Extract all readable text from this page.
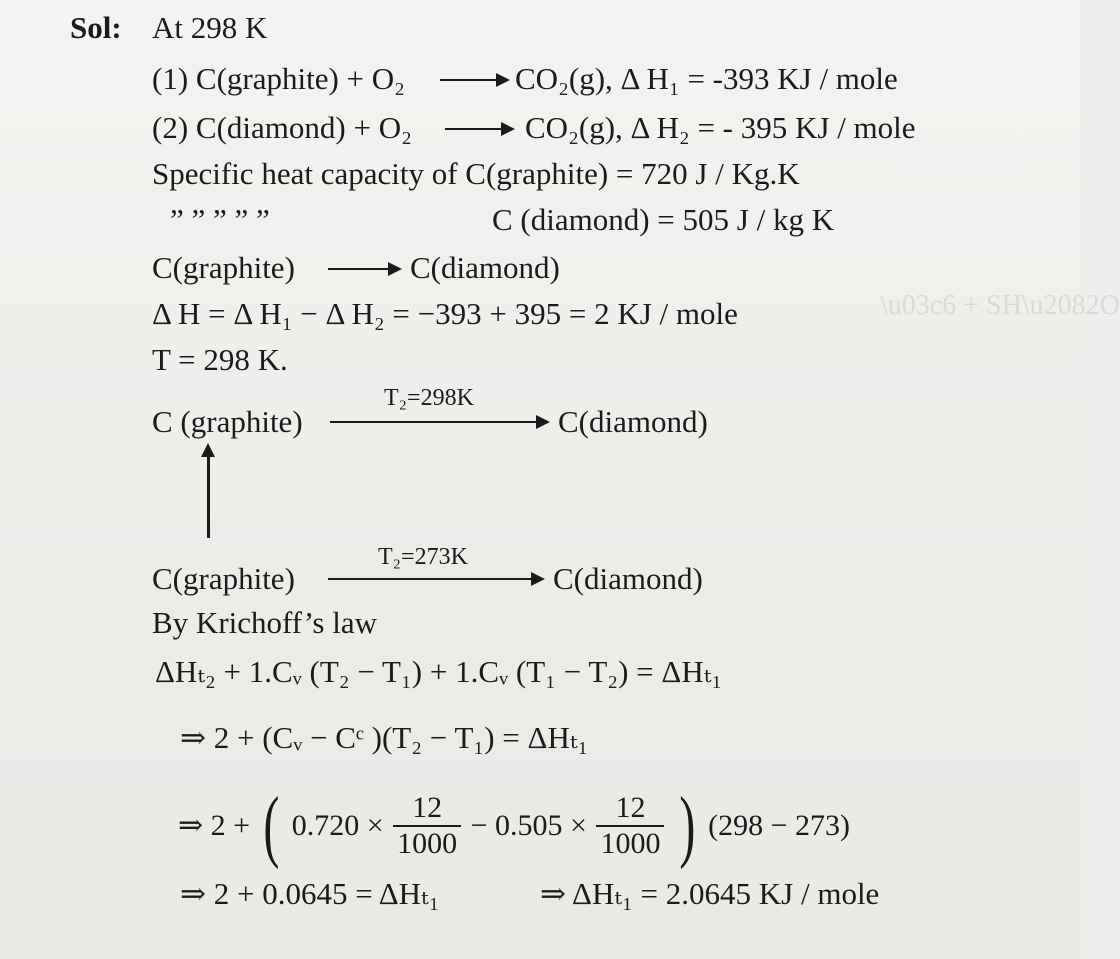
\u03c6 + SH\u2082O
Sol: At 298 K
(1) C(graphite) + O₂	CO₂(g), Δ H₁ = -393 KJ / mole
(2) C(diamond) + O₂	CO₂(g), Δ H₂ = - 395 KJ / mole
Specific heat capacity of C(graphite) = 720 J / Kg.K
” ” ” ” ”	C (diamond) = 505 J / kg K
C(graphite)	C(diamond)
Δ H = Δ H₁ − Δ H₂ = −393 + 395 = 2 KJ / mole
T = 298 K.
C (graphite)
T₂=298K
C(diamond)
C(graphite)
T₂=273K
C(diamond)
By Krichoff’s law
ΔHₜ₂ + 1.Cᵥ (T₂ − T₁) + 1.Cᵥ (T₁ − T₂) = ΔHₜ₁
⇒ 2 + (Cᵥ − Cᶜ )(T₂ − T₁) = ΔHₜ₁
⇒ 2 + ( $0.720 \times \frac{12}{1000} - 0.505 \times \frac{12}{1000}$ ) (298 − 273)
⇒ 2 + 0.0645 = ΔHₜ₁	⇒ ΔHₜ₁ = 2.0645 KJ / mole
